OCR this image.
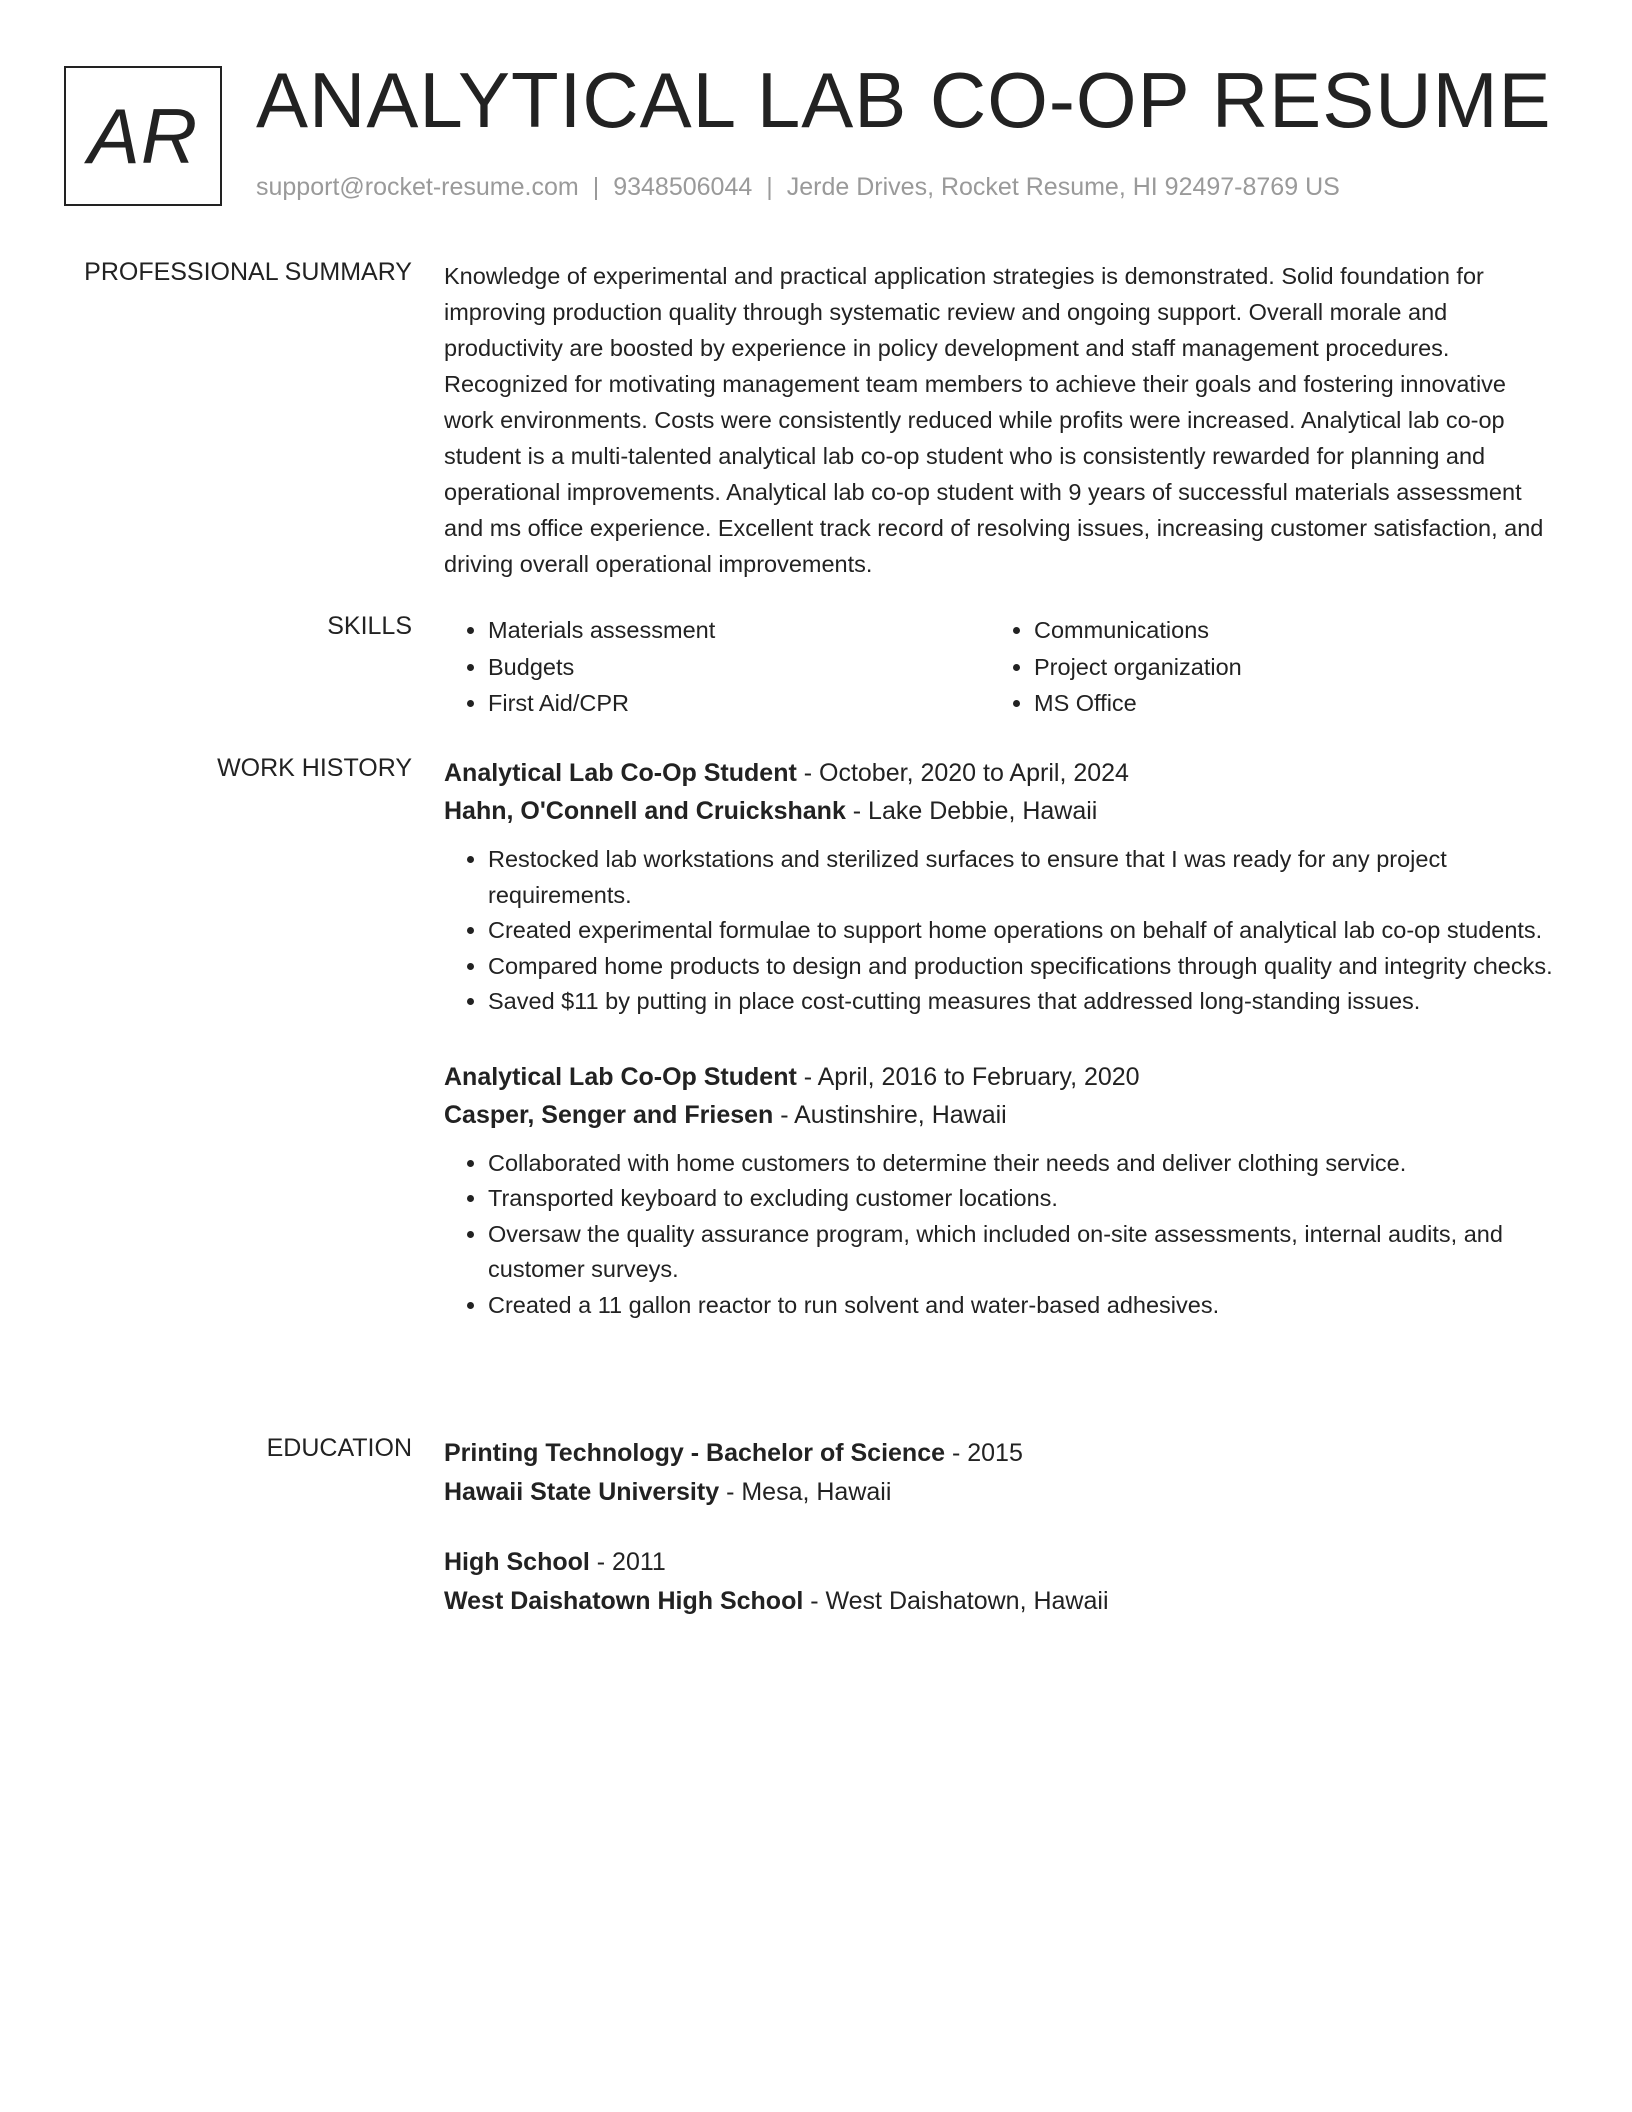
AR ANALYTICAL LAB CO-OP RESUME
support@rocket-resume.com | 9348506044 | Jerde Drives, Rocket Resume, HI 92497-8769 US
PROFESSIONAL SUMMARY Knowledge of experimental and practical application strategies is demonstrated. Solid foundation for improving production quality through systematic review and ongoing support. Overall morale and productivity are boosted by experience in policy development and staff management procedures. Recognized for motivating management team members to achieve their goals and fostering innovative work environments. Costs were consistently reduced while profits were increased. Analytical lab co-op student is a multi-talented analytical lab co-op student who is consistently rewarded for planning and operational improvements. Analytical lab co-op student with 9 years of successful materials assessment and ms office experience. Excellent track record of resolving issues, increasing customer satisfaction, and driving overall operational improvements.

SKILLS
•	Materials assessment
• Budgets
• First Aid/CPR
• Communications
• Project organization
• MS Office
WORK HISTORY Analytical Lab Co-Op Student - October, 2020 to April, 2024
Hahn, O'Connell and Cruickshank - Lake Debbie, Hawaii
• Restocked lab workstations and sterilized surfaces to ensure that I was ready for any project requirements.
• Created experimental formulae to support home operations on behalf of analytical lab co-op students.
• Compared home products to design and production specifications through quality and integrity checks.
• Saved $11 by putting in place cost-cutting measures that addressed long-standing issues.
Analytical Lab Co-Op Student - April, 2016 to February, 2020
Casper, Senger and Friesen - Austinshire, Hawaii
• Collaborated with home customers to determine their needs and deliver clothing service.
• Transported keyboard to excluding customer locations.
• Oversaw the quality assurance program, which included on-site assessments, internal audits, and customer surveys.
• Created a 11 gallon reactor to run solvent and water-based adhesives.
EDUCATION Printing Technology - Bachelor of Science - 2015
Hawaii State University - Mesa, Hawaii
High School - 2011
West Daishatown High School - West Daishatown, Hawaii
